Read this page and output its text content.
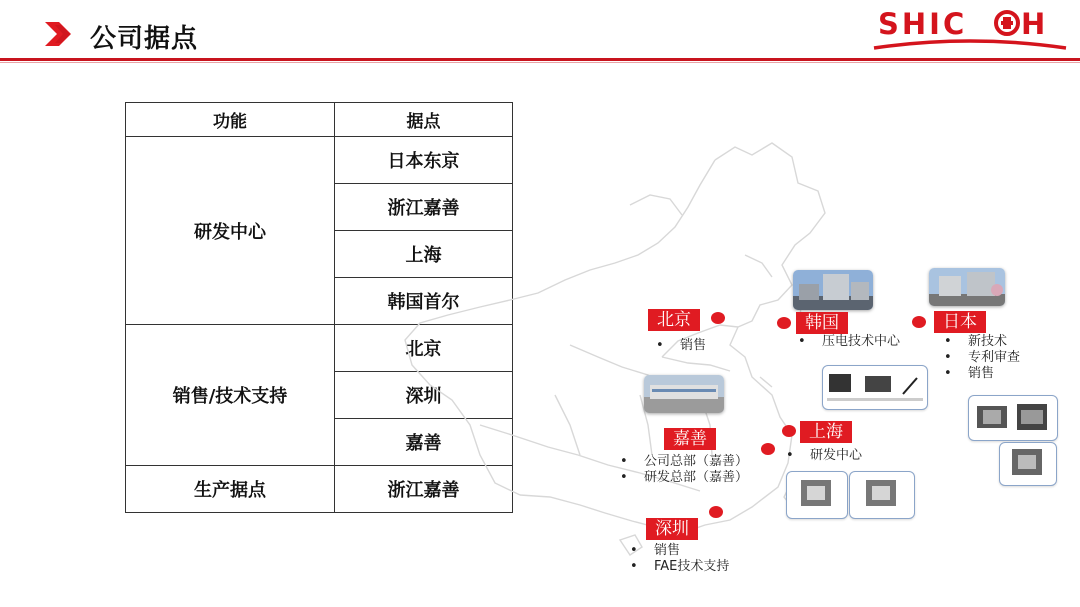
公司据点	SHIC H
功能	据点
研发中心	日本东京
	浙江嘉善
	上海
	韩国首尔
销售/技术支持	北京
	深圳
	嘉善
生产据点	浙江嘉善
北京
• 销售
韩国
• 压电技术中心
日本
• 新技术
• 专利审查
• 销售
嘉善
• 公司总部（嘉善）
• 研发总部（嘉善）
上海
• 研发中心
深圳
• 销售
• FAE技术支持
